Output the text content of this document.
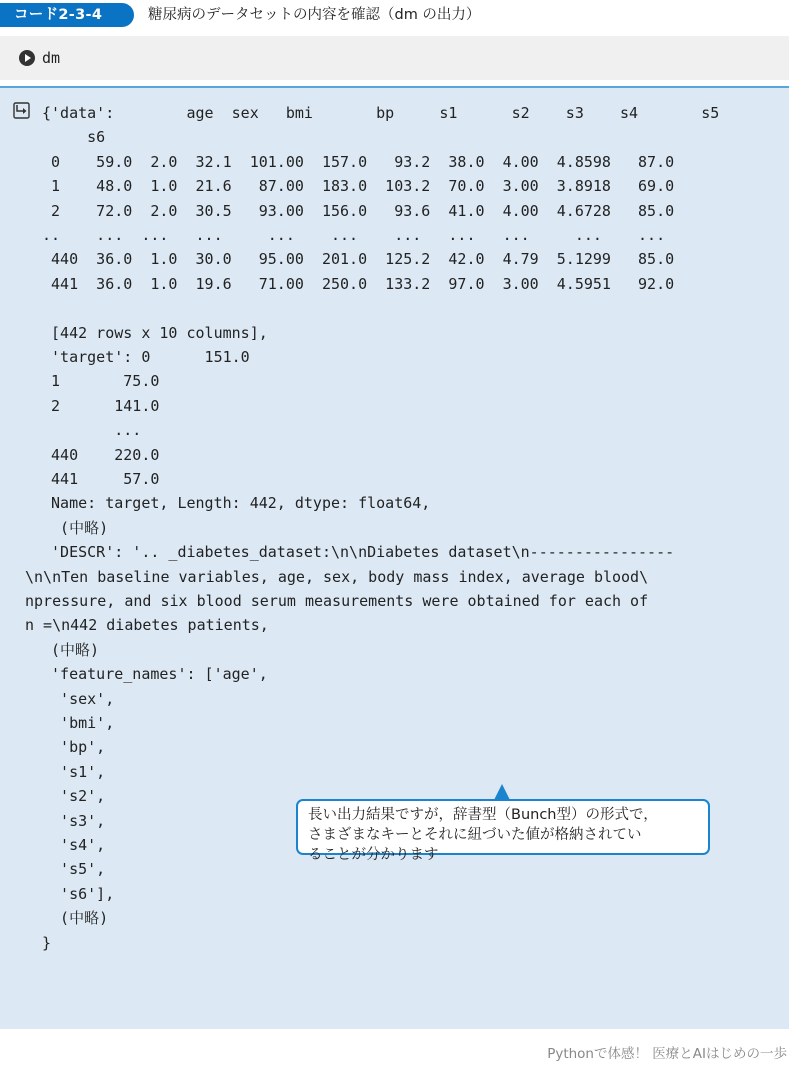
コード2-3-4	糖尿病のデータセットの内容を確認（dm の出力）
dm
{'data':        age  sex   bmi       bp     s1      s2    s3    s4       s5
s6
0    59.0  2.0  32.1  101.00  157.0   93.2  38.0  4.00  4.8598   87.0
1    48.0  1.0  21.6   87.00  183.0  103.2  70.0  3.00  3.8918   69.0
2    72.0  2.0  30.5   93.00  156.0   93.6  41.0  4.00  4.6728   85.0
..    ...  ...   ...     ...    ...    ...   ...   ...     ...    ...
440  36.0  1.0  30.0   95.00  201.0  125.2  42.0  4.79  5.1299   85.0
441  36.0  1.0  19.6   71.00  250.0  133.2  97.0  3.00  4.5951   92.0
[442 rows x 10 columns],
'target': 0      151.0
1       75.0
2      141.0
...
440    220.0
441     57.0
Name: target, Length: 442, dtype: float64,
(中略)
'DESCR': '.. _diabetes_dataset:\n\nDiabetes dataset\n----------------
\n\nTen baseline variables, age, sex, body mass index, average blood\
npressure, and six blood serum measurements were obtained for each of
n =\n442 diabetes patients,
(中略)
'feature_names': ['age',
'sex',
'bmi',
'bp',
's1',
's2',
's3',
's4',
's5',
's6'],
(中略)
}
長い出力結果ですが，辞書型（Bunch型）の形式で，
さまざまなキーとそれに紐づいた値が格納されてい
ることが分かります
Pythonで体感！ 医療とAIはじめの一歩
